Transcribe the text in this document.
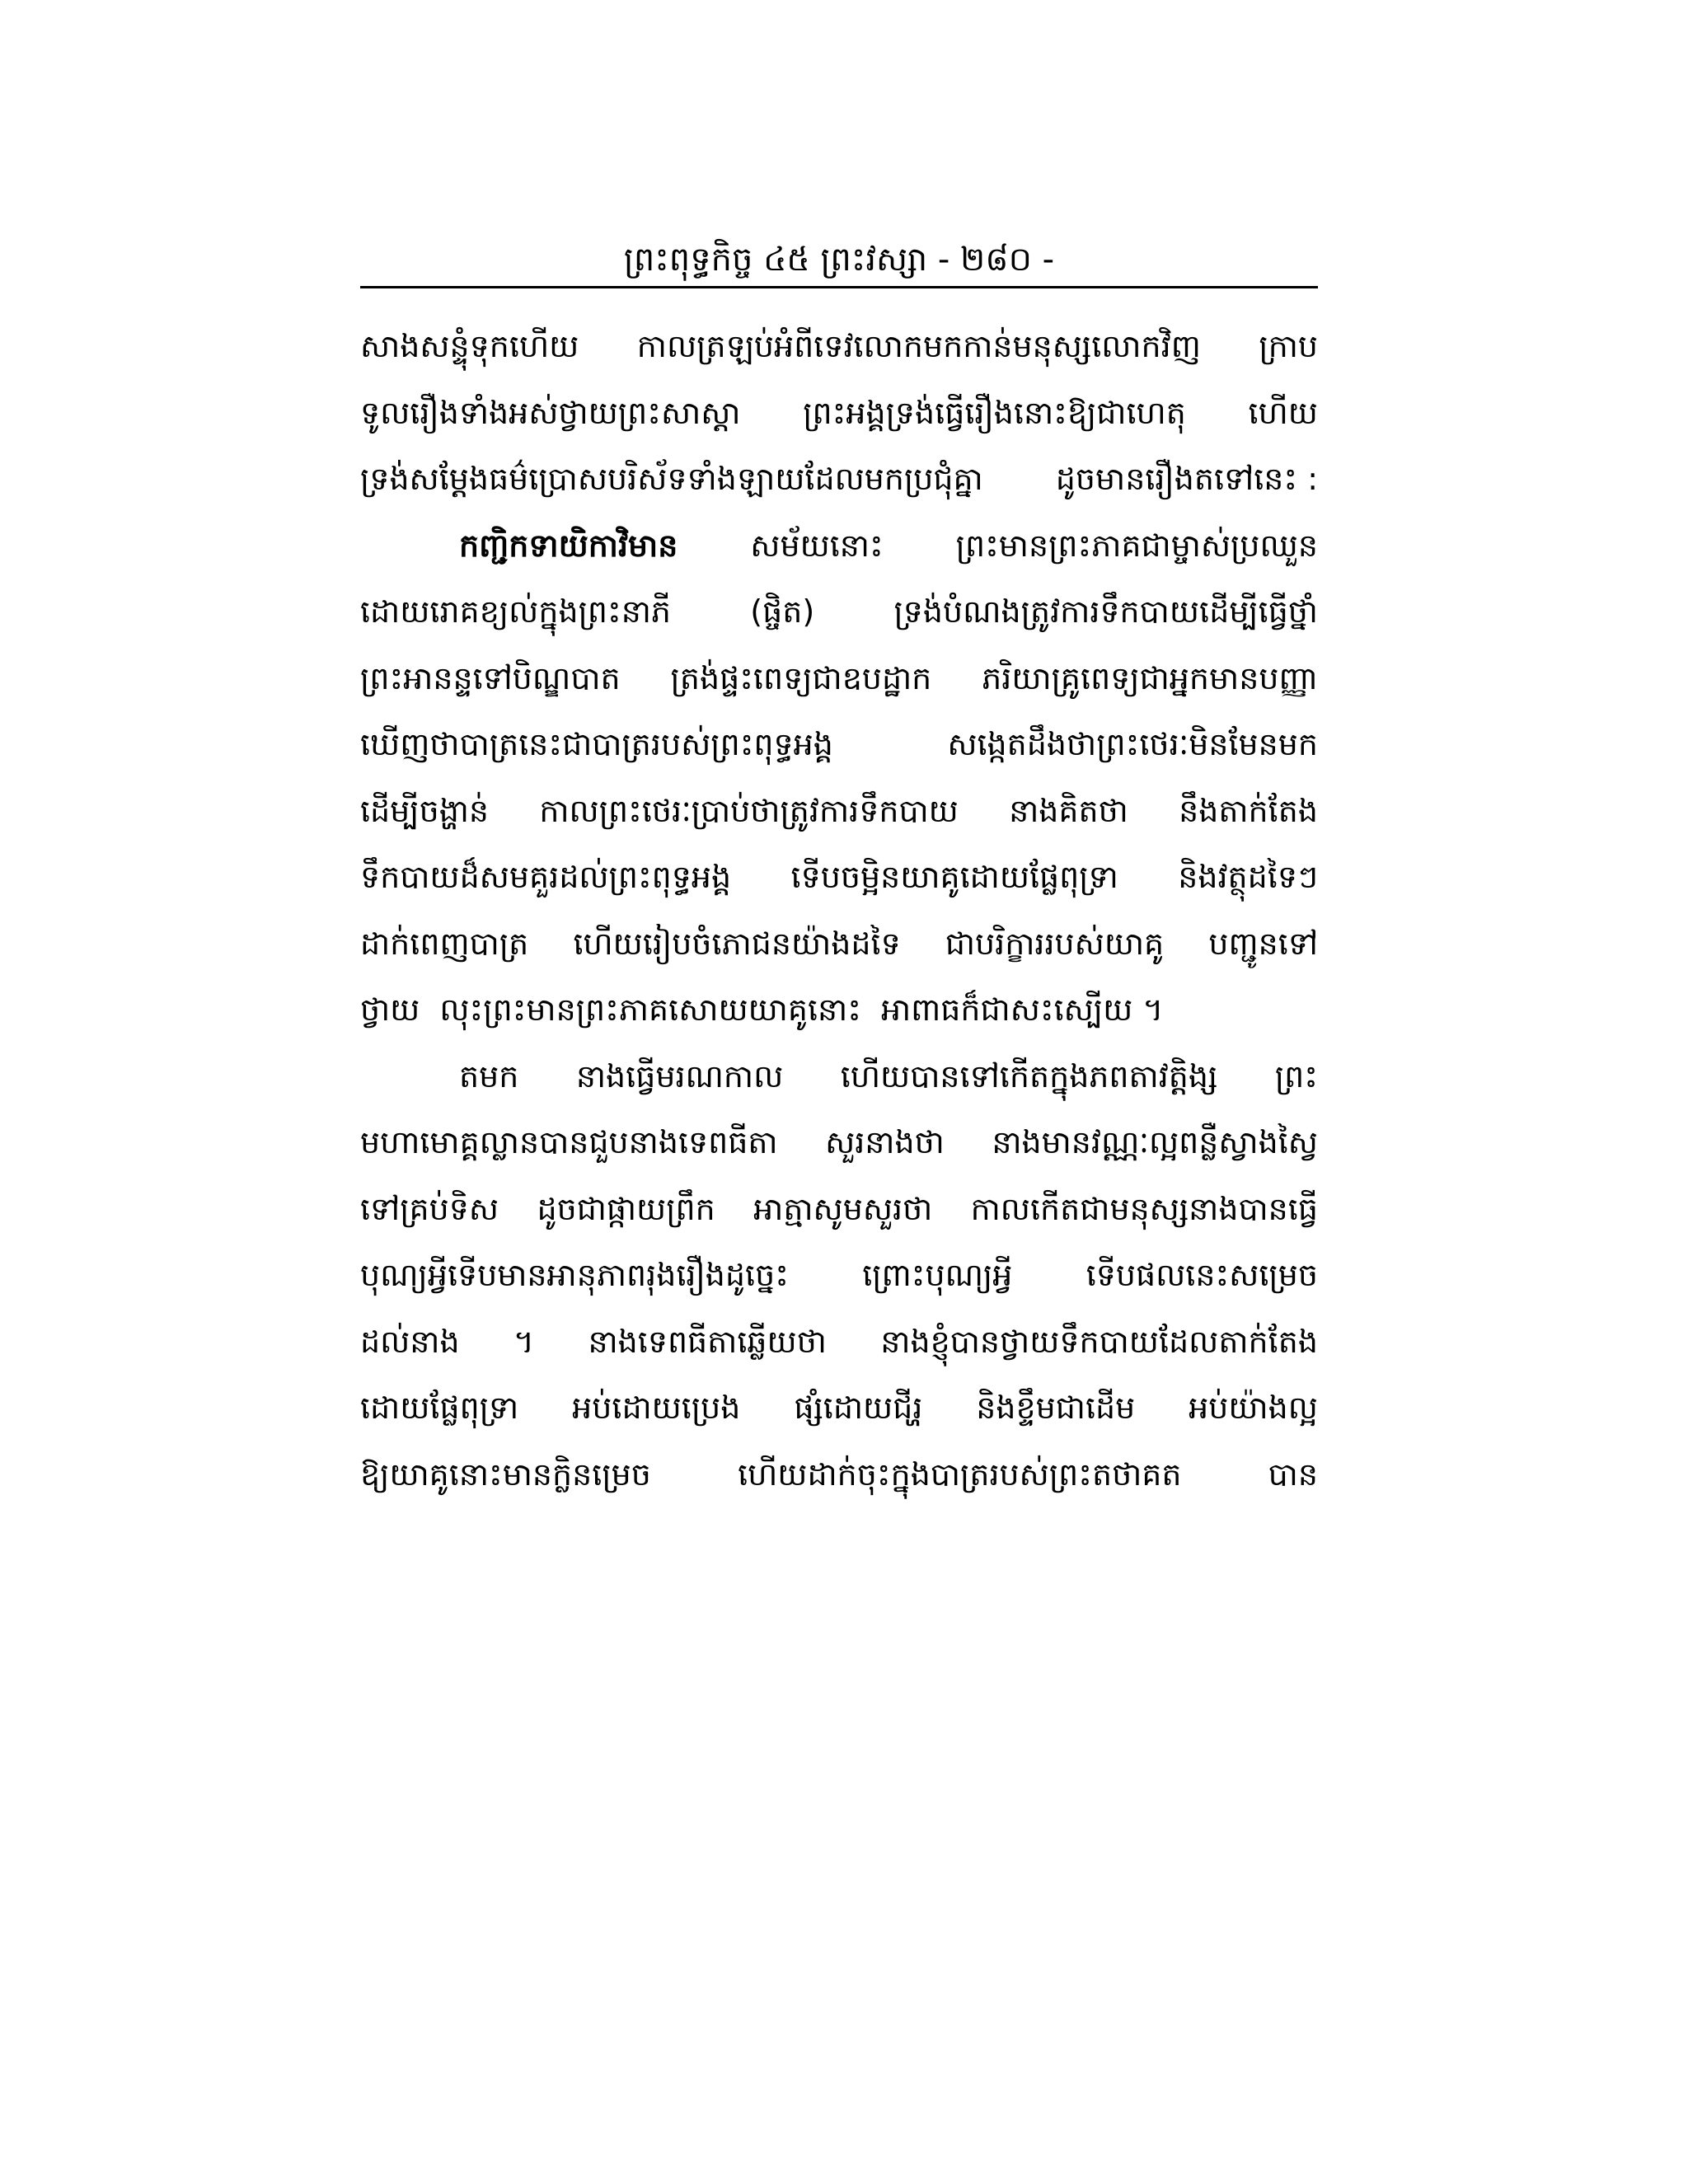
ព្រះពុទ្ធកិច្ច ៤៥ ព្រះវស្សា - ២៨០ -
សាងសន្ទុំទុកហើយ កាលត្រឡប់អំពីទេវលោកមកកាន់មនុស្សលោកវិញ ក្រាប
ទូលរឿងទាំងអស់ថ្វាយព្រះសាស្តា ព្រះអង្គទ្រង់ធ្វើរឿងនោះឱ្យជាហេតុ ហើយ
ទ្រង់សម្ដែងធម៌ប្រោសបរិស័ទទាំងឡាយដែលមកប្រជុំគ្នា ដូចមានរឿងតទៅនេះ :
កញ្ជិកទាយិកាវិមាន សម័យនោះ ព្រះមានព្រះភាគជាម្ចាស់ប្រឈួន
ដោយរោគខ្យល់ក្នុងព្រះនាភី	(ផ្ចិត)	ទ្រង់បំណងត្រូវការទឹកបាយដើម្បីធ្វើថ្នាំ
ព្រះអានន្ទទៅបិណ្ឌបាត ត្រង់ផ្ទះពេទ្យជាឧបដ្ឋាក ភរិយាគ្រូពេទ្យជាអ្នកមានបញ្ញា
ឃើញថាបាត្រនេះជាបាត្ររបស់ព្រះពុទ្ធអង្គ	សង្កេតដឹងថាព្រះថេរៈមិនមែនមក
ដើម្បីចង្ហាន់ កាលព្រះថេរៈប្រាប់ថាត្រូវការទឹកបាយ នាងគិតថា នឹងតាក់តែង
ទឹកបាយដ៏សមគួរដល់ព្រះពុទ្ធអង្គ ទើបចម្អិនយាគូដោយផ្លែពុទ្រា និងវត្ថុដទៃៗ
ដាក់ពេញបាត្រ ហើយរៀបចំភោជនយ៉ាងដទៃ ជាបរិក្ខាររបស់យាគូ បញ្ជូនទៅ
ថ្វាយ លុះព្រះមានព្រះភាគសោយយាគូនោះ អាពាធក៏ជាសះស្បើយ ។
តមក នាងធ្វើមរណកាល ហើយបានទៅកើតក្នុងភពតាវត្តិង្ស ព្រះ
មហាមោគ្គល្លានបានជួបនាងទេពធីតា សួរនាងថា នាងមានវណ្ណៈល្អពន្លឺស្វាងស្វៃ
ទៅគ្រប់ទិស ដូចជាផ្កាយព្រឹក អាត្មាសូមសួរថា កាលកើតជាមនុស្សនាងបានធ្វើ
បុណ្យអ្វីទើបមានអានុភាពរុងរឿងដូច្នេះ ព្រោះបុណ្យអ្វី ទើបផលនេះសម្រេច
ដល់នាង ។ នាងទេពធីតាឆ្លើយថា នាងខ្ញុំបានថ្វាយទឹកបាយដែលតាក់តែង
ដោយផ្លែពុទ្រា អប់ដោយប្រេង ផ្សំដោយជីរ្ហ និងខ្ទឹមជាដើម អប់យ៉ាងល្អ
ឱ្យយាគូនោះមានក្លិនម្រេច	ហើយដាក់ចុះក្នុងបាត្ររបស់ព្រះតថាគត	បាន
